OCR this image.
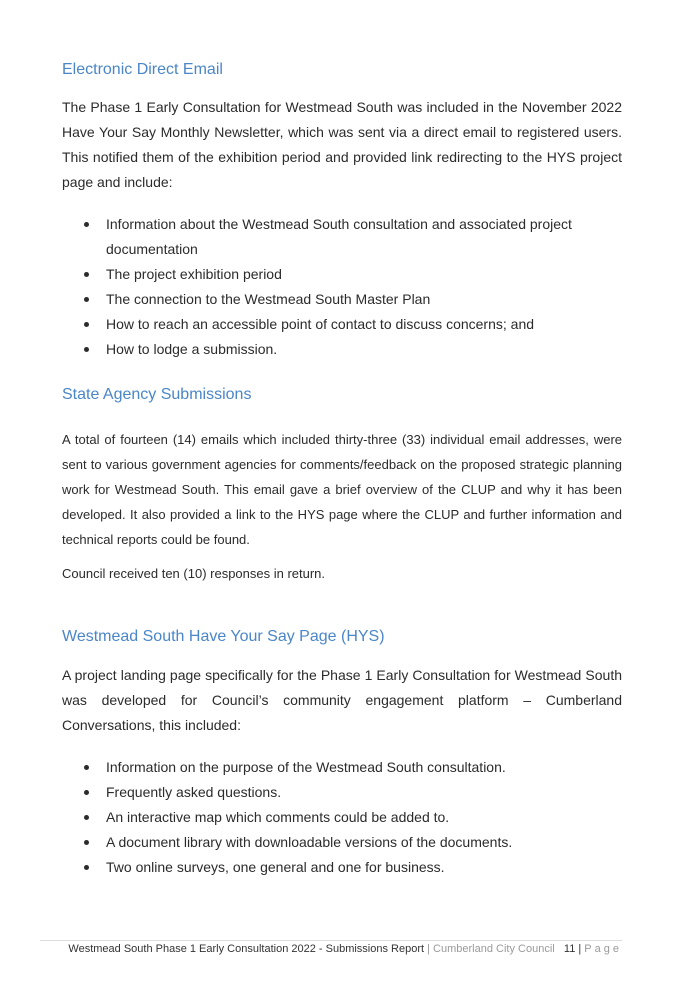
Electronic Direct Email

The Phase 1 Early Consultation for Westmead South was included in the November 2022 Have Your Say Monthly Newsletter, which was sent via a direct email to registered users. This notified them of the exhibition period and provided link redirecting to the HYS project page and include:

Information about the Westmead South consultation and associated project documentation
The project exhibition period
The connection to the Westmead South Master Plan
How to reach an accessible point of contact to discuss concerns; and
How to lodge a submission.
State Agency Submissions

A total of fourteen (14) emails which included thirty-three (33) individual email addresses, were sent to various government agencies for comments/feedback on the proposed strategic planning work for Westmead South. This email gave a brief overview of the CLUP and why it has been developed. It also provided a link to the HYS page where the CLUP and further information and technical reports could be found.

Council received ten (10) responses in return.

Westmead South Have Your Say Page (HYS)

A project landing page specifically for the Phase 1 Early Consultation for Westmead South was developed for Council’s community engagement platform – Cumberland Conversations, this included:

Information on the purpose of the Westmead South consultation.
Frequently asked questions.
An interactive map which comments could be added to.
A document library with downloadable versions of the documents.
Two online surveys, one general and one for business.
Westmead South Phase 1 Early Consultation 2022 - Submissions Report | Cumberland City Council 11 | Page
